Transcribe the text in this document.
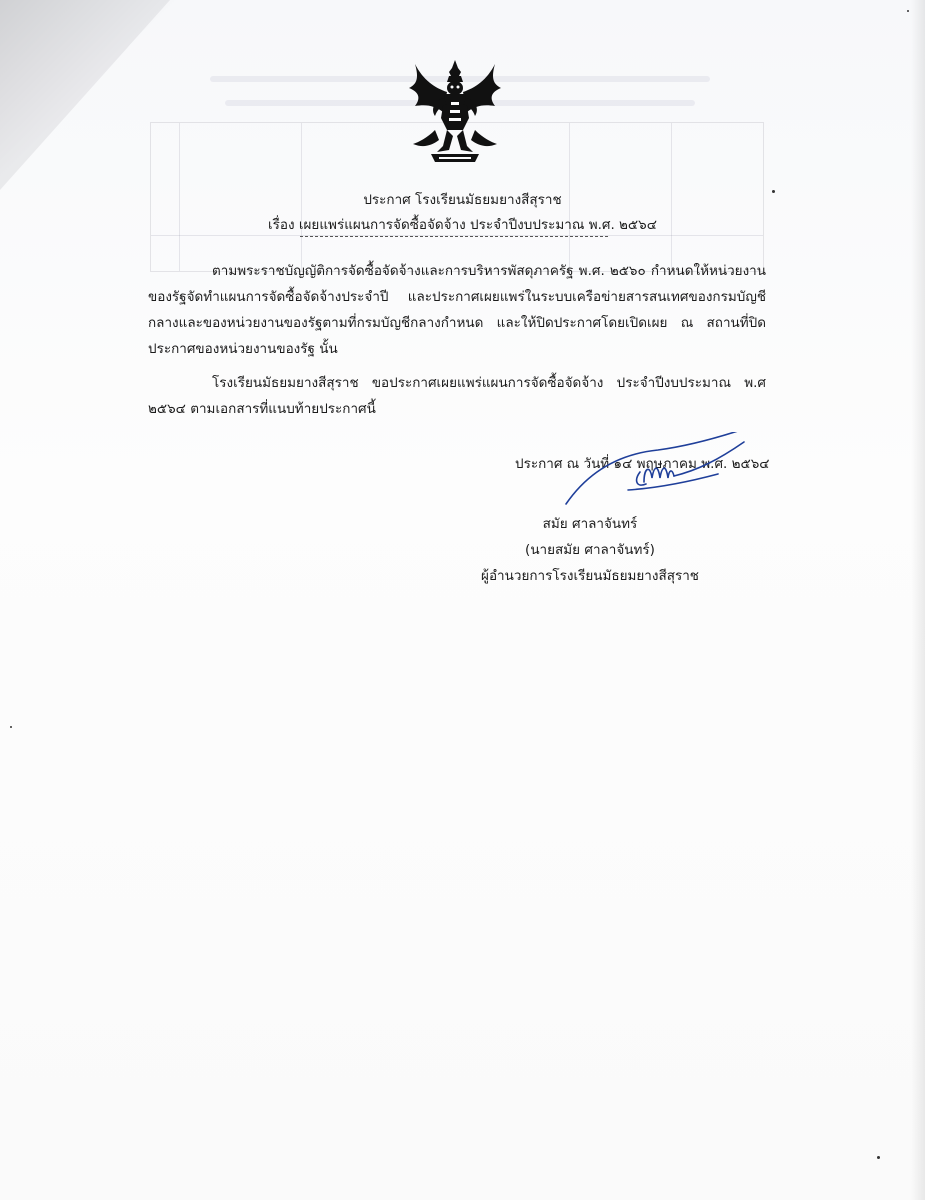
ประกาศ โรงเรียนมัธยมยางสีสุราช
เรื่อง เผยแพร่แผนการจัดซื้อจัดจ้าง ประจำปีงบประมาณ พ.ศ. ๒๕๖๔
ตามพระราชบัญญัติการจัดซื้อจัดจ้างและการบริหารพัสดุภาครัฐ พ.ศ. ๒๕๖๐ กำหนดให้หน่วยงานของรัฐจัดทำแผนการจัดซื้อจัดจ้างประจำปี และประกาศเผยแพร่ในระบบเครือข่ายสารสนเทศของกรมบัญชีกลางและของหน่วยงานของรัฐตามที่กรมบัญชีกลางกำหนด และให้ปิดประกาศโดยเปิดเผย ณ สถานที่ปิดประกาศของหน่วยงานของรัฐ นั้น
โรงเรียนมัธยมยางสีสุราช ขอประกาศเผยแพร่แผนการจัดซื้อจัดจ้าง ประจำปีงบประมาณ พ.ศ ๒๕๖๔ ตามเอกสารที่แนบท้ายประกาศนี้
ประกาศ ณ วันที่ ๑๔ พฤษภาคม พ.ศ. ๒๕๖๔
สมัย ศาลาจันทร์
(นายสมัย ศาลาจันทร์)
ผู้อำนวยการโรงเรียนมัธยมยางสีสุราช
